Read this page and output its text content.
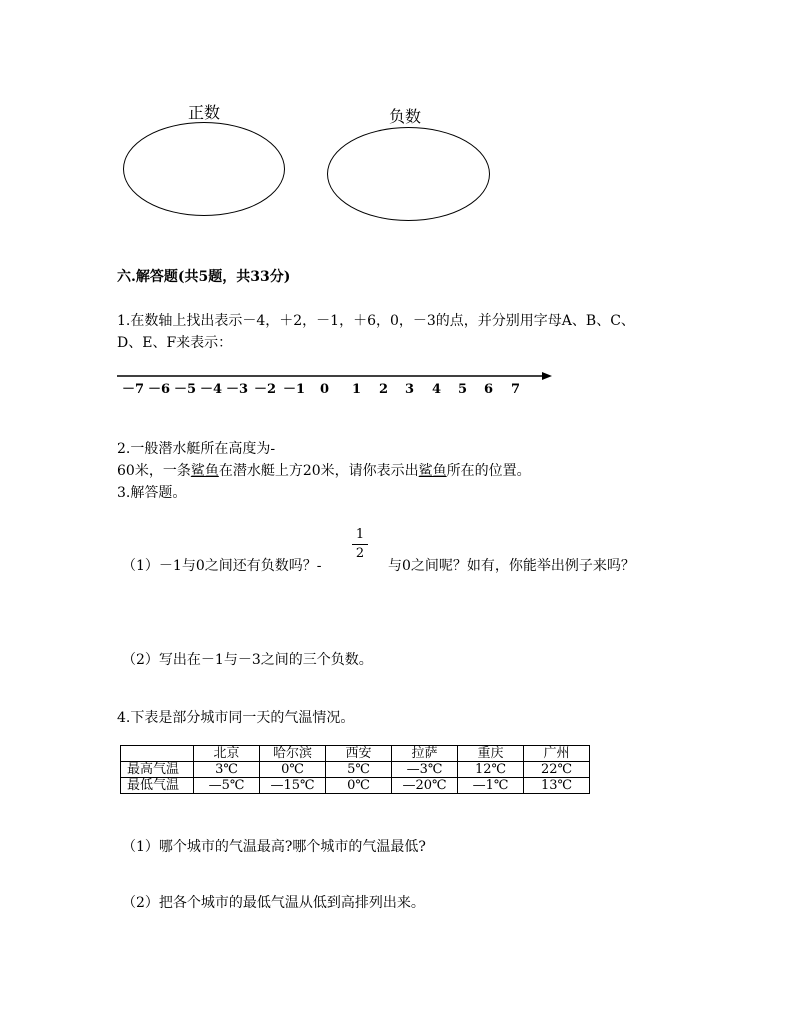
正数	负数
六.解答题(共5题，共33分)
1.在数轴上找出表示－4，＋2，－1，＋6，0，－3的点，并分别用字母A、B、C、
D、E、F来表示：
－7 －6 －5 －4 －3 －2 －1 0 1 2 3 4 5 6 7
2.一般潜水艇所在高度为-
60米，一条鲨鱼在潜水艇上方20米，请你表示出鲨鱼所在的位置。
3.解答题。
（1）－1与0之间还有负数吗？-
1
2
与0之间呢？如有，你能举出例子来吗？
（2）写出在－1与－3之间的三个负数。
4.下表是部分城市同一天的气温情况。
	北京	哈尔滨	西安	拉萨	重庆	广州
最高气温	3℃	0℃	5℃	—3℃	12℃	22℃
最低气温	—5℃	—15℃	0℃	—20℃	—1℃	13℃
（1）哪个城市的气温最高?哪个城市的气温最低?
（2）把各个城市的最低气温从低到高排列出来。
